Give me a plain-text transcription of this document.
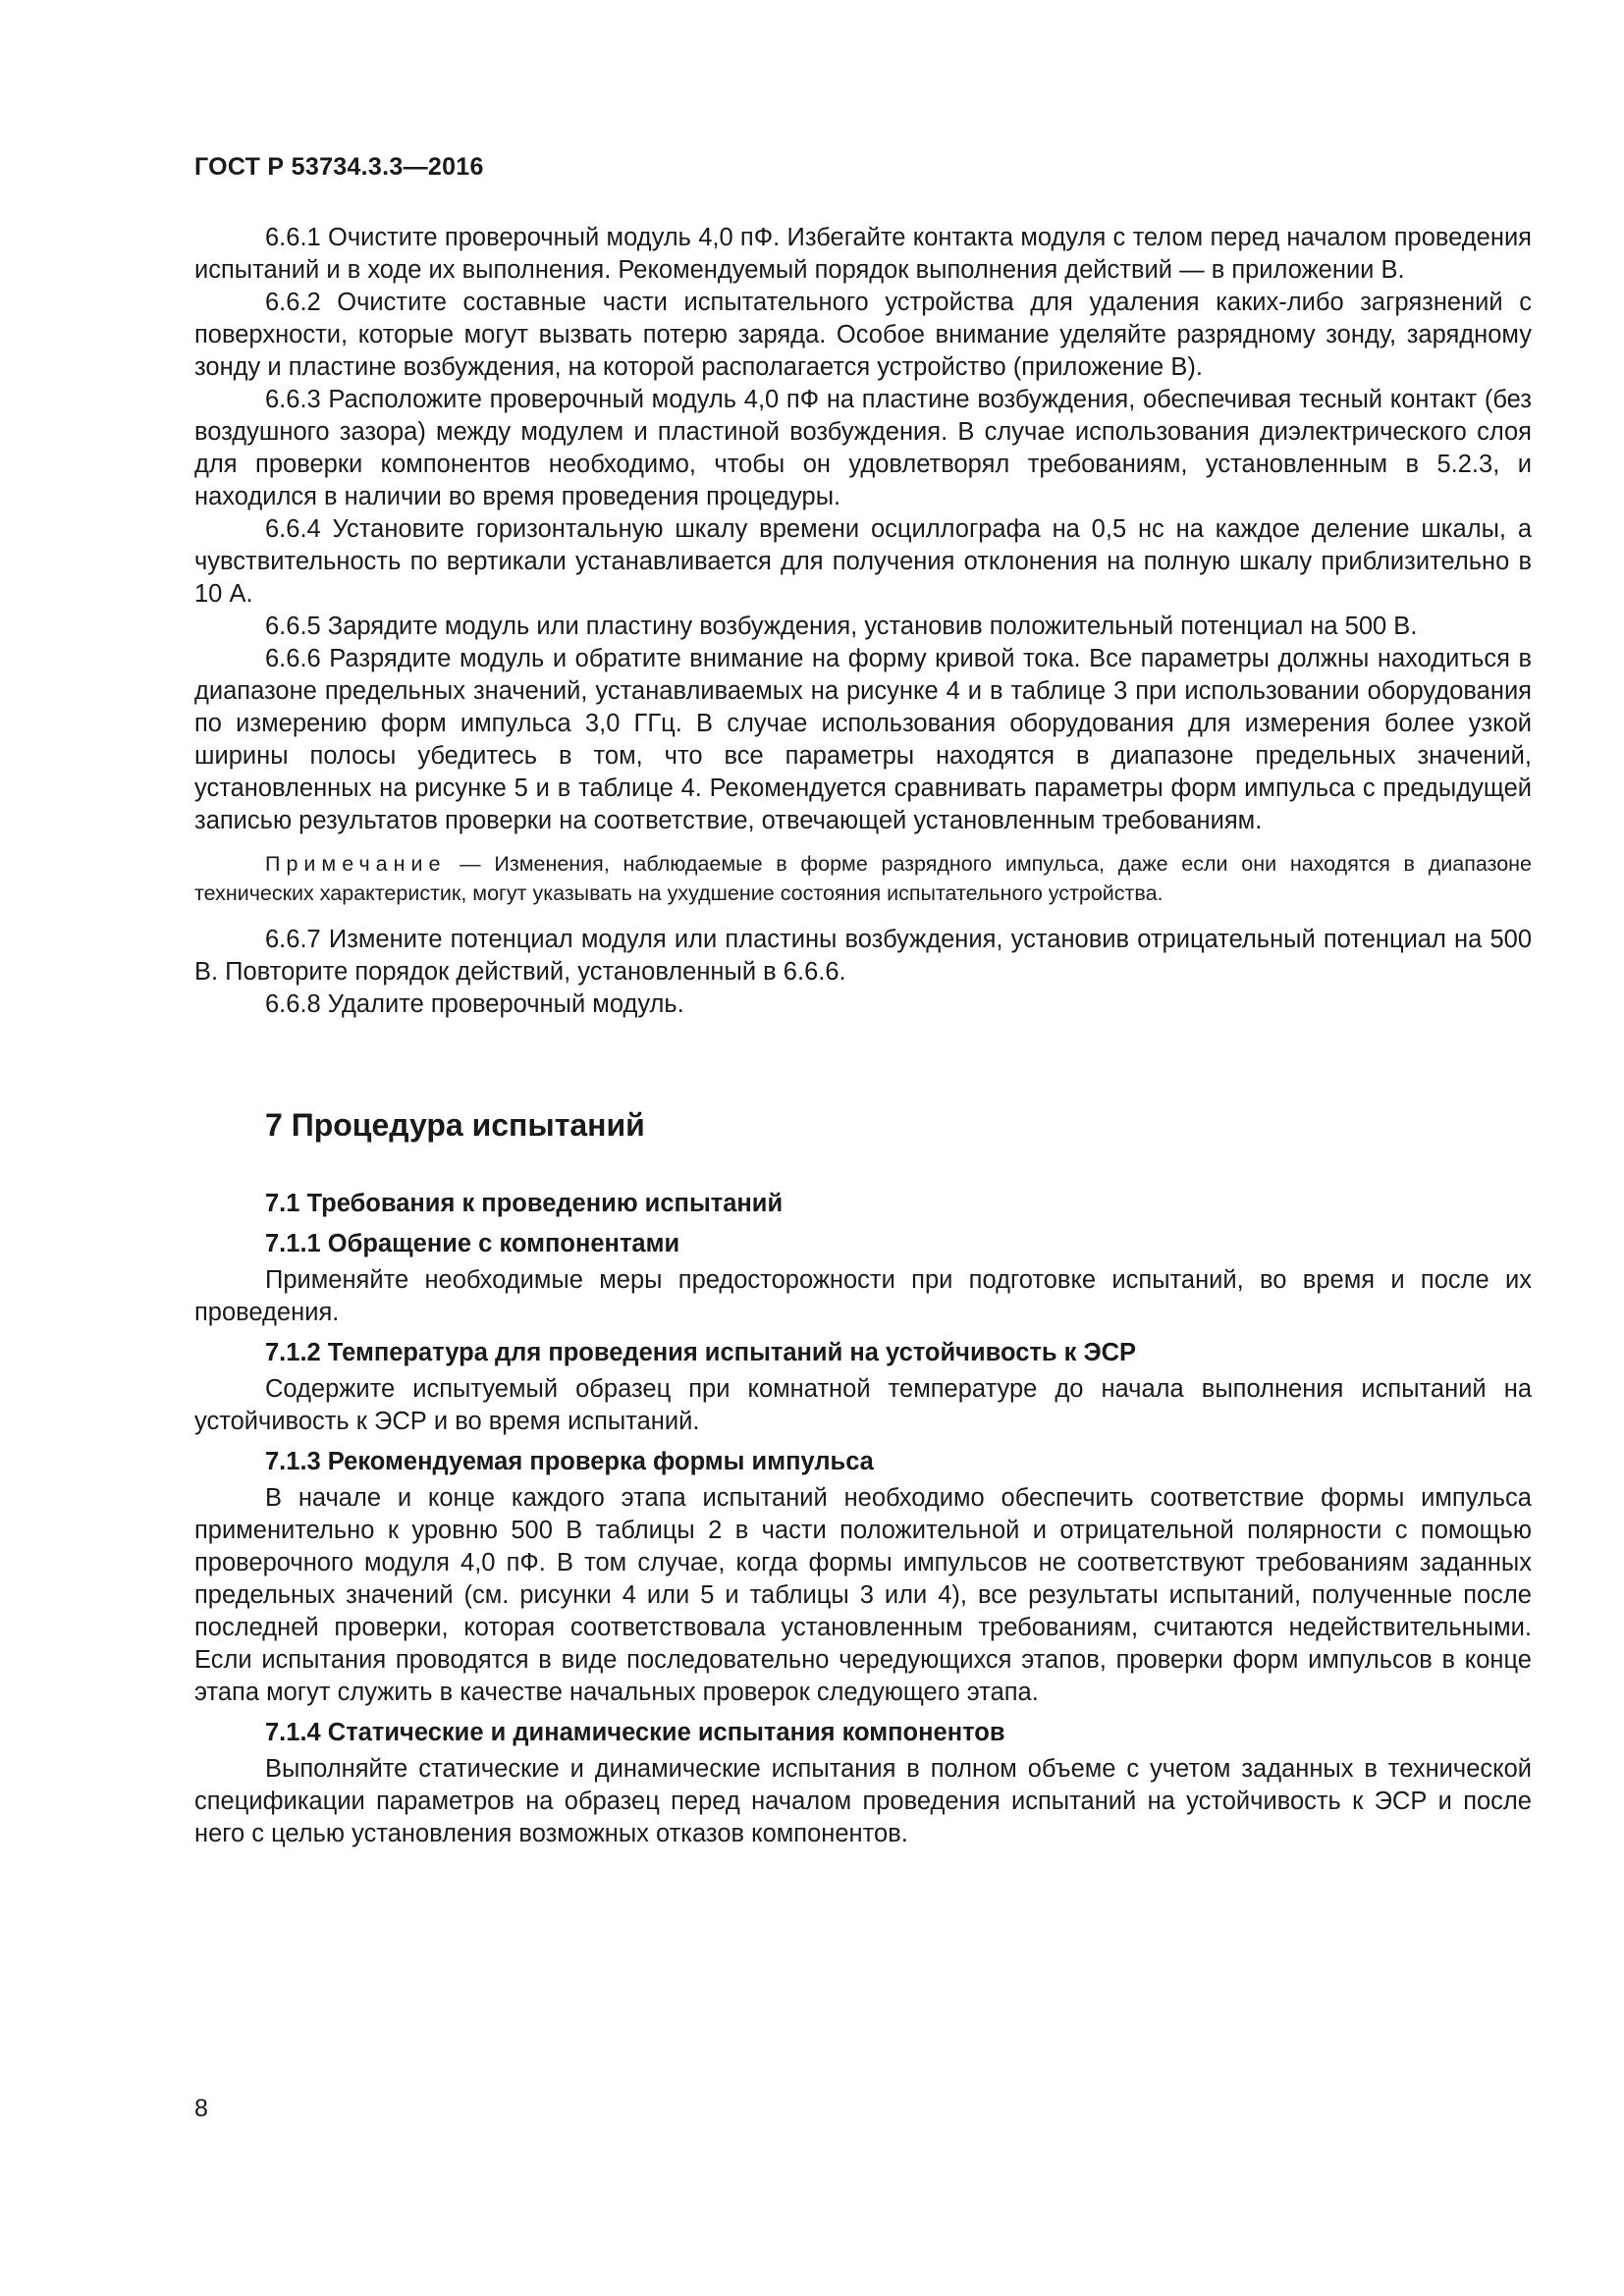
ГОСТ Р 53734.3.3—2016

6.6.1 Очистите проверочный модуль 4,0 пФ. Избегайте контакта модуля с телом перед началом проведения испытаний и в ходе их выполнения. Рекомендуемый порядок выполнения действий — в приложении В.

6.6.2 Очистите составные части испытательного устройства для удаления каких-либо загрязнений с поверхности, которые могут вызвать потерю заряда. Особое внимание уделяйте разрядному зонду, зарядному зонду и пластине возбуждения, на которой располагается устройство (приложение В).

6.6.3 Расположите проверочный модуль 4,0 пФ на пластине возбуждения, обеспечивая тесный контакт (без воздушного зазора) между модулем и пластиной возбуждения. В случае использования диэлектрического слоя для проверки компонентов необходимо, чтобы он удовлетворял требованиям, установленным в 5.2.3, и находился в наличии во время проведения процедуры.

6.6.4 Установите горизонтальную шкалу времени осциллографа на 0,5 нс на каждое деление шкалы, а чувствительность по вертикали устанавливается для получения отклонения на полную шкалу приблизительно в 10 А.

6.6.5 Зарядите модуль или пластину возбуждения, установив положительный потенциал на 500 В.

6.6.6 Разрядите модуль и обратите внимание на форму кривой тока. Все параметры должны находиться в диапазоне предельных значений, устанавливаемых на рисунке 4 и в таблице 3 при использовании оборудования по измерению форм импульса 3,0 ГГц. В случае использования оборудования для измерения более узкой ширины полосы убедитесь в том, что все параметры находятся в диапазоне предельных значений, установленных на рисунке 5 и в таблице 4. Рекомендуется сравнивать параметры форм импульса с предыдущей записью результатов проверки на соответствие, отвечающей установленным требованиям.

Примечание — Изменения, наблюдаемые в форме разрядного импульса, даже если они находятся в диапазоне технических характеристик, могут указывать на ухудшение состояния испытательного устройства.

6.6.7 Измените потенциал модуля или пластины возбуждения, установив отрицательный потенциал на 500 В. Повторите порядок действий, установленный в 6.6.6.

6.6.8 Удалите проверочный модуль.

7 Процедура испытаний
7.1 Требования к проведению испытаний
7.1.1 Обращение с компонентами

Применяйте необходимые меры предосторожности при подготовке испытаний, во время и после их проведения.

7.1.2 Температура для проведения испытаний на устойчивость к ЭСР

Содержите испытуемый образец при комнатной температуре до начала выполнения испытаний на устойчивость к ЭСР и во время испытаний.

7.1.3 Рекомендуемая проверка формы импульса

В начале и конце каждого этапа испытаний необходимо обеспечить соответствие формы импульса применительно к уровню 500 В таблицы 2 в части положительной и отрицательной полярности с помощью проверочного модуля 4,0 пФ. В том случае, когда формы импульсов не соответствуют требованиям заданных предельных значений (см. рисунки 4 или 5 и таблицы 3 или 4), все результаты испытаний, полученные после последней проверки, которая соответствовала установленным требованиям, считаются недействительными. Если испытания проводятся в виде последовательно чередующихся этапов, проверки форм импульсов в конце этапа могут служить в качестве начальных проверок следующего этапа.

7.1.4 Статические и динамические испытания компонентов

Выполняйте статические и динамические испытания в полном объеме с учетом заданных в технической спецификации параметров на образец перед началом проведения испытаний на устойчивость к ЭСР и после него с целью установления возможных отказов компонентов.

8
